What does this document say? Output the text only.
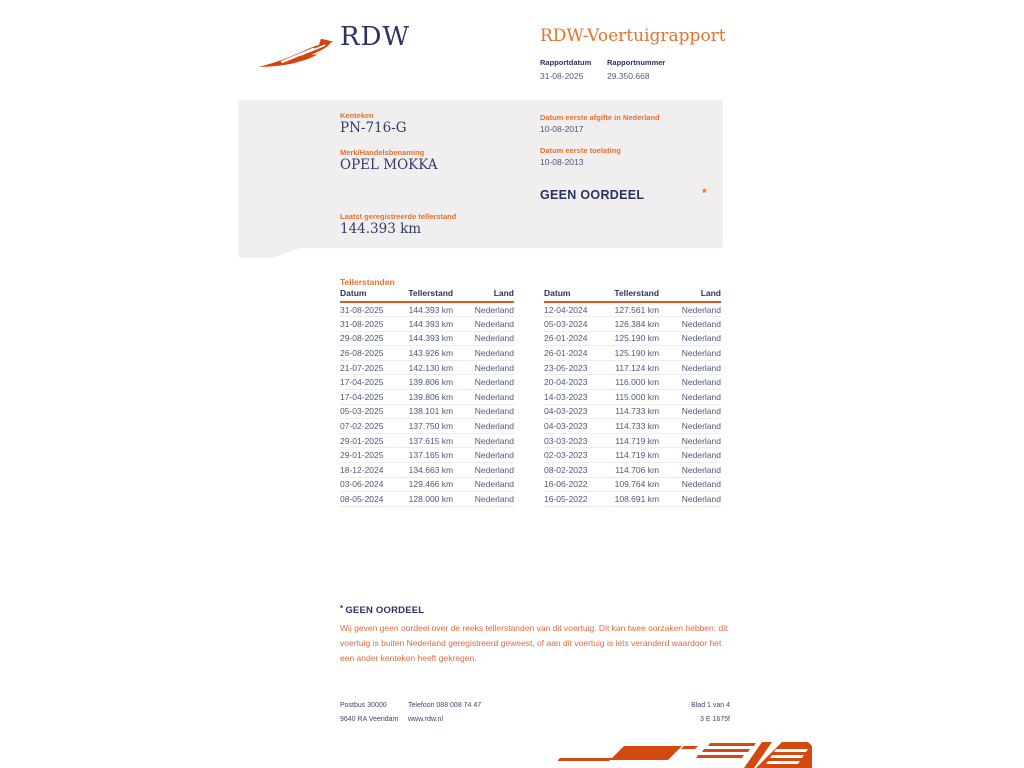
RDW	RDW-Voertuigrapport
Rapportdatum
31-08-2025
Rapportnummer
29.350.668
Kenteken
PN-716-G
Merk/Handelsbenaming
OPEL MOKKA
Laatst geregistreerde tellerstand
144.393 km
Datum eerste afgifte in Nederland
10-08-2017
Datum eerste toelating
10-08-2013
GEEN OORDEEL	*
Tellerstanden
Datum	Tellerstand	Land
31-08-2025	144.393 km	Nederland
31-08-2025	144.393 km	Nederland
29-08-2025	144.393 km	Nederland
26-08-2025	143.926 km	Nederland
21-07-2025	142.130 km	Nederland
17-04-2025	139.806 km	Nederland
17-04-2025	139.806 km	Nederland
05-03-2025	138.101 km	Nederland
07-02-2025	137.750 km	Nederland
29-01-2025	137.615 km	Nederland
29-01-2025	137.165 km	Nederland
18-12-2024	134.663 km	Nederland
03-06-2024	129.466 km	Nederland
08-05-2024	128.000 km	Nederland
Datum	Tellerstand	Land
12-04-2024	127.561 km	Nederland
05-03-2024	126.384 km	Nederland
26-01-2024	125.190 km	Nederland
26-01-2024	125.190 km	Nederland
23-05-2023	117.124 km	Nederland
20-04-2023	116.000 km	Nederland
14-03-2023	115.000 km	Nederland
04-03-2023	114.733 km	Nederland
04-03-2023	114.733 km	Nederland
03-03-2023	114.719 km	Nederland
02-03-2023	114.719 km	Nederland
08-02-2023	114.706 km	Nederland
16-06-2022	109.764 km	Nederland
16-05-2022	108.691 km	Nederland
* GEEN OORDEEL
Wij geven geen oordeel over de reeks tellerstanden van dit voertuig. Dit kan twee oorzaken hebben: dit voertuig is buiten Nederland geregistreerd geweest, of aan dit voertuig is iets veranderd waardoor het een ander kenteken heeft gekregen.
Postbus 30000	Telefoon 088 008 74 47	Blad 1 van 4
9640 RA Veendam	www.rdw.nl	3 E 1675f
